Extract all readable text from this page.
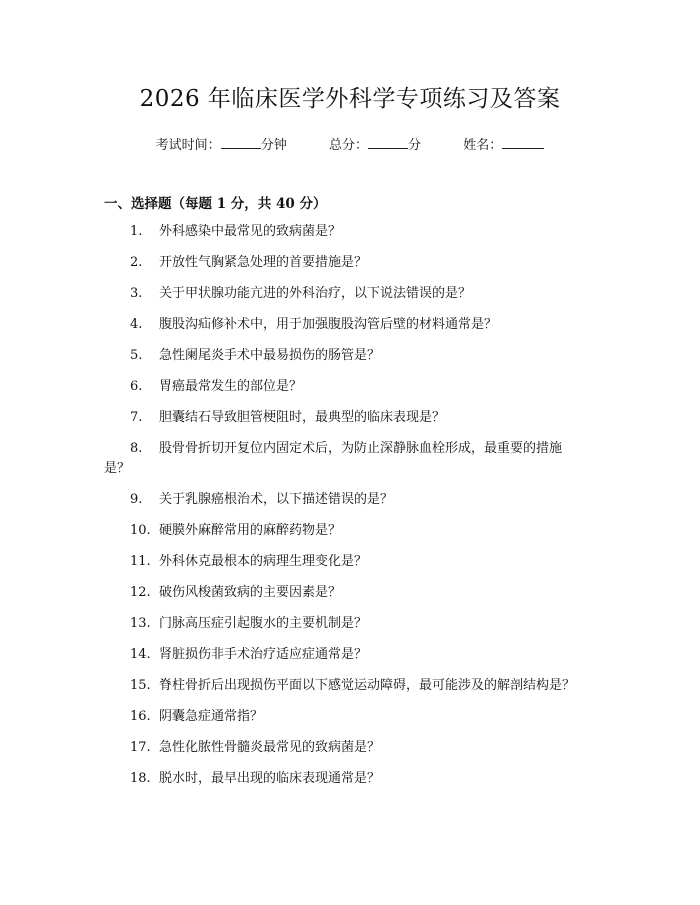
2026 年临床医学外科学专项练习及答案
考试时间：	分钟	总分：	分	姓名：
一、选择题（每题 1 分，共 40 分）
1. 外科感染中最常见的致病菌是？
2. 开放性气胸紧急处理的首要措施是？
3. 关于甲状腺功能亢进的外科治疗，以下说法错误的是？
4. 腹股沟疝修补术中，用于加强腹股沟管后壁的材料通常是？
5. 急性阑尾炎手术中最易损伤的肠管是？
6. 胃癌最常发生的部位是？
7. 胆囊结石导致胆管梗阻时，最典型的临床表现是？
8. 股骨骨折切开复位内固定术后，为防止深静脉血栓形成，最重要的措施是？
9. 关于乳腺癌根治术，以下描述错误的是？
10. 硬膜外麻醉常用的麻醉药物是？
11. 外科休克最根本的病理生理变化是？
12. 破伤风梭菌致病的主要因素是？
13. 门脉高压症引起腹水的主要机制是？
14. 肾脏损伤非手术治疗适应症通常是？
15. 脊柱骨折后出现损伤平面以下感觉运动障碍，最可能涉及的解剖结构是？
16. 阴囊急症通常指？
17. 急性化脓性骨髓炎最常见的致病菌是？
18. 脱水时，最早出现的临床表现通常是？
